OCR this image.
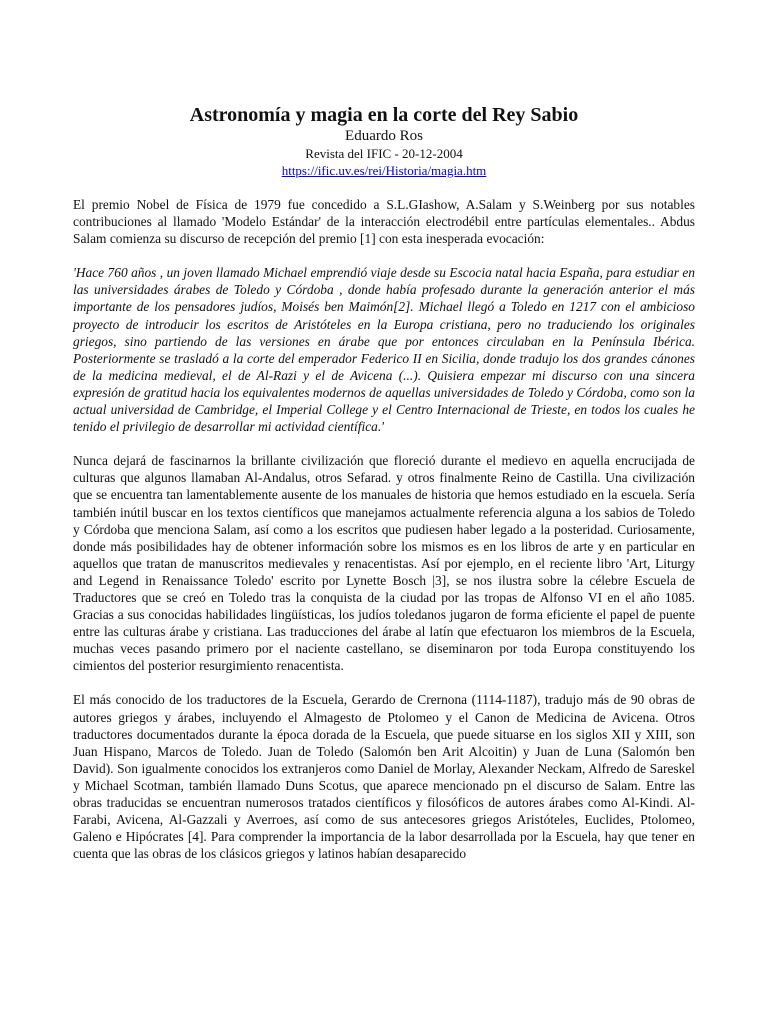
Astronomía y magia en la corte del Rey Sabio
Eduardo Ros
Revista del IFIC - 20-12-2004
https://ific.uv.es/rei/Historia/magia.htm

El premio Nobel de Física de 1979 fue concedido a S.L.GIashow, A.Salam y S.Weinberg por sus notables contribuciones al llamado 'Modelo Estándar' de la interacción electrodébil entre partículas elementales.. Abdus Salam comienza su discurso de recepción del premio [1] con esta inesperada evocación:

'Hace 760 años , un joven llamado Michael emprendió viaje desde su Escocia natal hacia España, para estudiar en las universidades árabes de Toledo y Córdoba , donde había profesado durante la generación anterior el más importante de los pensadores judíos, Moisés ben Maimón[2]. Michael llegó a Toledo en 1217 con el ambicioso proyecto de introducir los escritos de Aristóteles en la Europa cristiana, pero no traduciendo los originales griegos, sino partiendo de las versiones en árabe que por entonces circulaban en la Península Ibérica. Posteriormente se trasladó a la corte del emperador Federico II en Sicilia, donde tradujo los dos grandes cánones de la medicina medieval, el de Al-Razi y el de Avicena (...). Quisiera empezar mi discurso con una sincera expresión de gratitud hacia los equivalentes modernos de aquellas universidades de Toledo y Córdoba, como son la actual universidad de Cambridge, el Imperial College y el Centro Internacional de Trieste, en todos los cuales he tenido el privilegio de desarrollar mi actividad científica.'

Nunca dejará de fascinarnos la brillante civilización que floreció durante el medievo en aquella encrucijada de culturas que algunos llamaban Al-Andalus, otros Sefarad. y otros finalmente Reino de Castilla. Una civilización que se encuentra tan lamentablemente ausente de los manuales de historia que hemos estudiado en la escuela. Sería también inútil buscar en los textos científicos que manejamos actualmente referencia alguna a los sabios de Toledo y Córdoba que menciona Salam, así como a los escritos que pudiesen haber legado a la posteridad. Curiosamente, donde más posibilidades hay de obtener información sobre los mismos es en los libros de arte y en particular en aquellos que tratan de manuscritos medievales y renacentistas. Así por ejemplo, en el reciente libro 'Art, Liturgy and Legend in Renaissance Toledo' escrito por Lynette Bosch |3], se nos ilustra sobre la célebre Escuela de Traductores que se creó en Toledo tras la conquista de la ciudad por las tropas de Alfonso VI en el año 1085. Gracias a sus conocidas habilidades lingüísticas, los judíos toledanos jugaron de forma eficiente el papel de puente entre las culturas árabe y cristiana. Las traducciones del árabe al latín que efectuaron los miembros de la Escuela, muchas veces pasando primero por el naciente castellano, se diseminaron por toda Europa constituyendo los cimientos del posterior resurgimiento renacentista.

El más conocido de los traductores de la Escuela, Gerardo de Crernona (1114-1187), tradujo más de 90 obras de autores griegos y árabes, incluyendo el Almagesto de Ptolomeo y el Canon de Medicina de Avicena. Otros traductores documentados durante la época dorada de la Escuela, que puede situarse en los siglos XII y XIII, son Juan Hispano, Marcos de Toledo. Juan de Toledo (Salomón ben Arit Alcoitin) y Juan de Luna (Salomón ben David). Son igualmente conocidos los extranjeros como Daniel de Morlay, Alexander Neckam, Alfredo de Sareskel y Michael Scotman, también llamado Duns Scotus, que aparece mencionado pn el discurso de Salam. Entre las obras traducidas se encuentran numerosos tratados científicos y filosóficos de autores árabes como Al-Kindi. Al-Farabi, Avicena, Al-Gazzali y Averroes, así como de sus antecesores griegos Aristóteles, Euclides, Ptolomeo, Galeno e Hipócrates [4]. Para comprender la importancia de la labor desarrollada por la Escuela, hay que tener en cuenta que las obras de los clásicos griegos y latinos habían desaparecido
